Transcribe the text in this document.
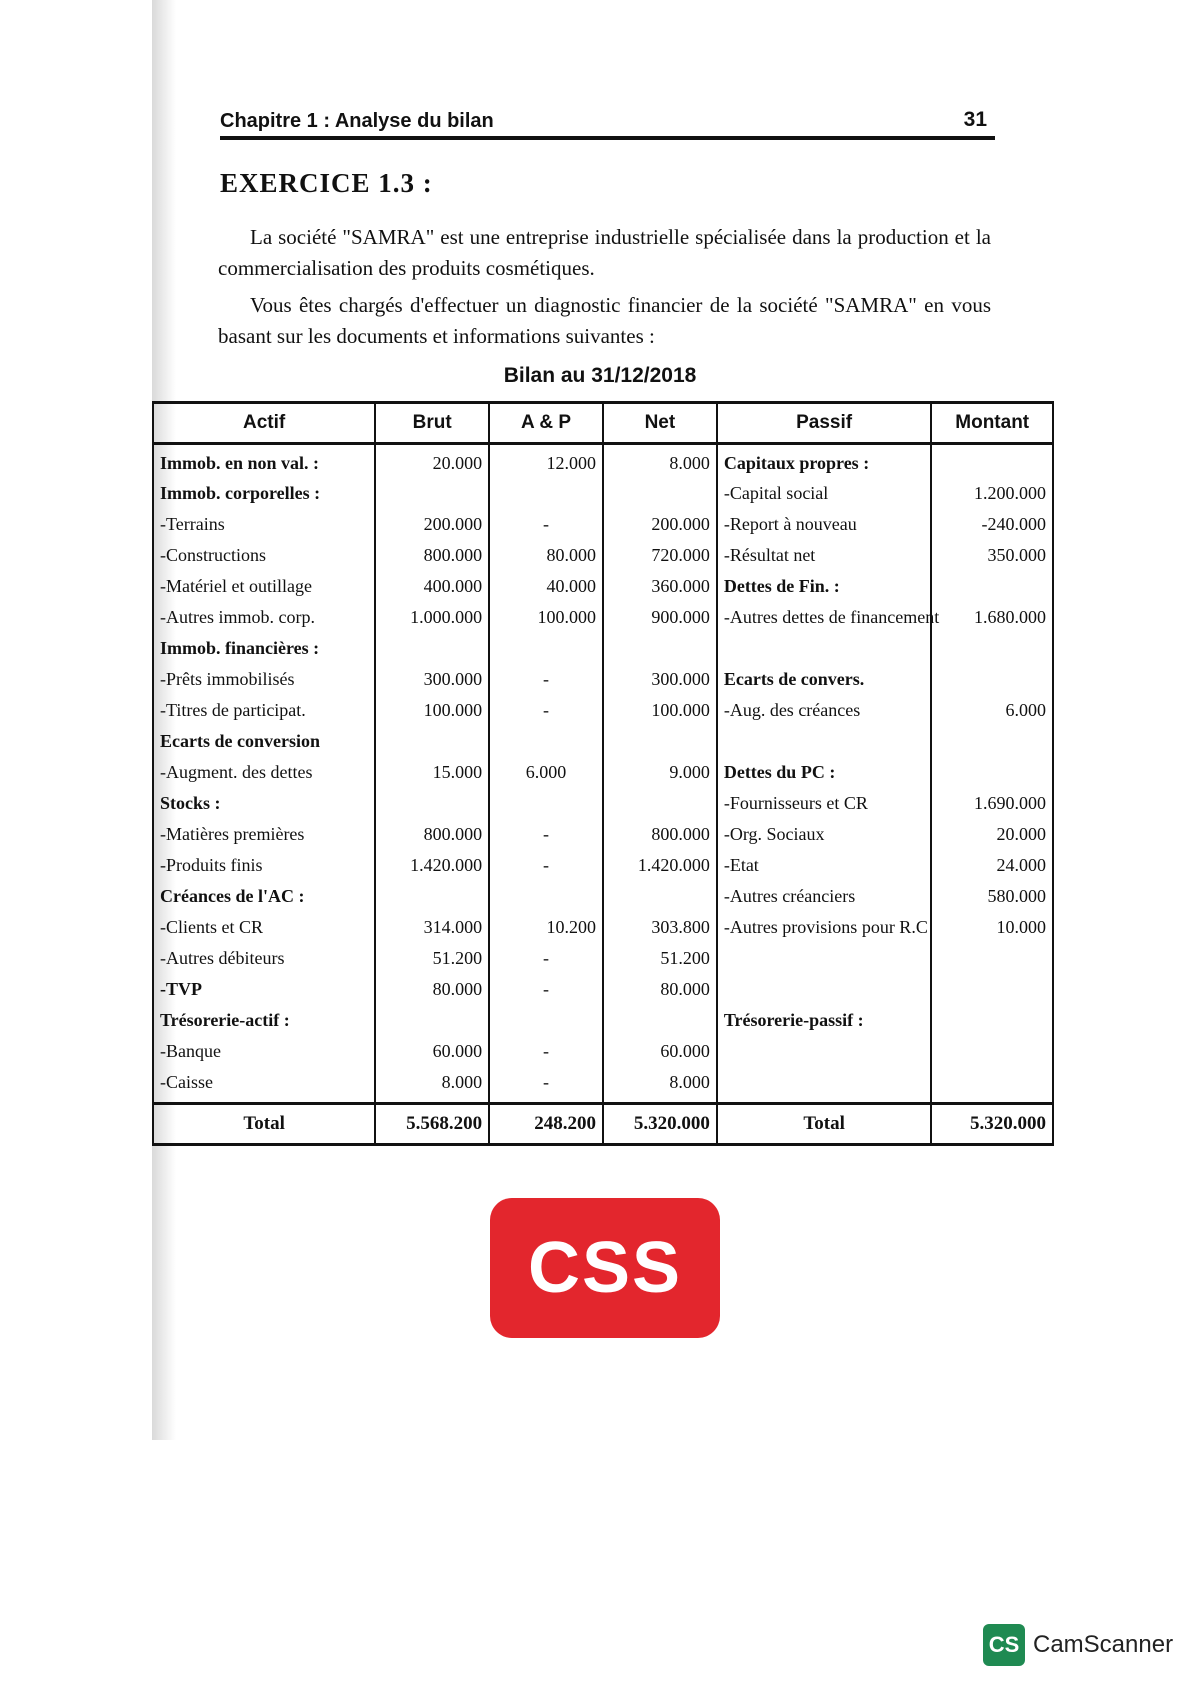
Chapitre 1 : Analyse du bilan	31
EXERCICE 1.3 :

La société "SAMRA" est une entreprise industrielle spécialisée dans la production et la commercialisation des produits cosmétiques.

Vous êtes chargés d'effectuer un diagnostic financier de la société "SAMRA" en vous basant sur les documents et informations suivantes :

Bilan au 31/12/2018
Actif	Brut	A & P	Net	Passif	Montant
Immob. en non val. :	20.000	12.000	8.000	Capitaux propres :	
Immob. corporelles :				-Capital social	1.200.000
-Terrains	200.000	-	200.000	-Report à nouveau	-240.000
-Constructions	800.000	80.000	720.000	-Résultat net	350.000
-Matériel et outillage	400.000	40.000	360.000	Dettes de Fin. :	
-Autres immob. corp.	1.000.000	100.000	900.000	-Autres dettes de financement	1.680.000
Immob. financières :					
-Prêts immobilisés	300.000	-	300.000	Ecarts de convers.	
-Titres de participat.	100.000	-	100.000	-Aug. des créances	6.000
Ecarts de conversion					
-Augment. des dettes	15.000	6.000	9.000	Dettes du PC :	
Stocks :				-Fournisseurs et CR	1.690.000
-Matières premières	800.000	-	800.000	-Org. Sociaux	20.000
-Produits finis	1.420.000	-	1.420.000	-Etat	24.000
Créances de l'AC :				-Autres créanciers	580.000
-Clients et CR	314.000	10.200	303.800	-Autres provisions pour R.C	10.000
-Autres débiteurs	51.200	-	51.200		
-TVP	80.000	-	80.000		
Trésorerie-actif :				Trésorerie-passif :	
-Banque	60.000	-	60.000		
-Caisse	8.000	-	8.000		
Total	5.568.200	248.200	5.320.000	Total	5.320.000
CSS
CS CamScanner
